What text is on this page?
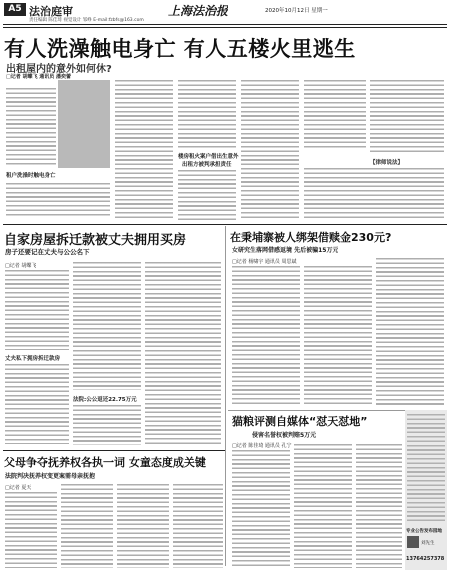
A5 法治庭审
责任编辑 陈佳琦 视觉设计 邹峥 E-mail:fzbfs@163.com
上海法治报	2020年10月12日 星期一
有人洗澡触电身亡 有人五楼火里逃生
出租屋内的意外如何休?
□记者 胡蝶飞 通讯员 潘奕蕾
租户洗澡时触电身亡
楼房租火案户借出生意外
出租方被判承担责任	【律师说法】
自家房屋拆迁款被丈夫拥用买房
房子还要记在丈夫与公公名下
□记者 胡蝶飞
丈夫私下拥房拆迁款房
法院:公公返还22.75万元
在秉埔寨被人绑架借赎金230元?
女研究生落网借感返境 先后被骗15万元
□记者 杨啸宇 通讯员 周思斌
猫粮评测自媒体“怼天怼地”
侵害名誉权被判赔5万元
□记者 陈佳琦 通讯员 孔宁
专业公告发布园地
刘先生
13764257378
父母争夺抚养权各执一词 女童态度成关键
法院判决抚养权变更案需母亲抚抱
□记者 夏天
